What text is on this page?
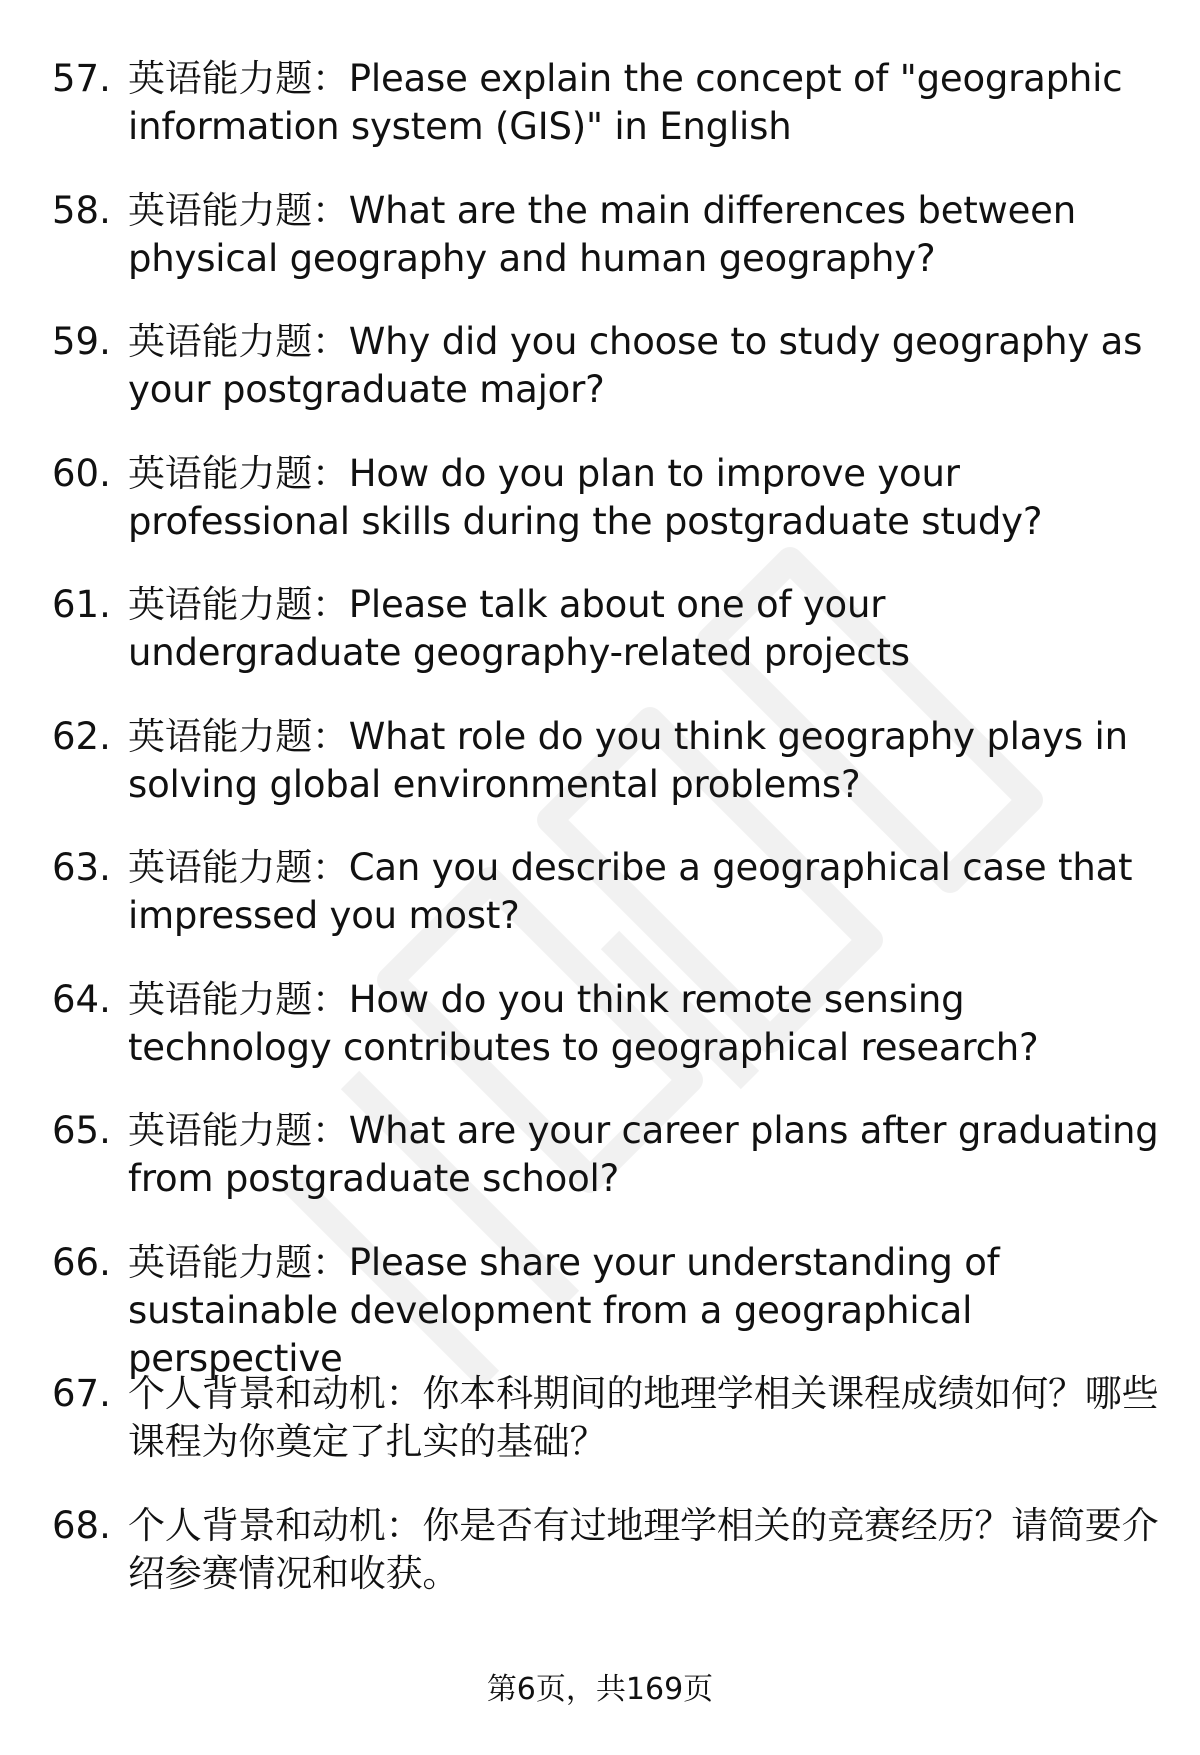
57. 英语能力题：Please explain the concept of "geographic information system (GIS)" in English
58. 英语能力题：What are the main differences between physical geography and human geography?
59. 英语能力题：Why did you choose to study geography as your postgraduate major?
60. 英语能力题：How do you plan to improve your professional skills during the postgraduate study?
61. 英语能力题：Please talk about one of your undergraduate geography-related projects
62. 英语能力题：What role do you think geography plays in solving global environmental problems?
63. 英语能力题：Can you describe a geographical case that impressed you most?
64. 英语能力题：How do you think remote sensing technology contributes to geographical research?
65. 英语能力题：What are your career plans after graduating from postgraduate school?
66. 英语能力题：Please share your understanding of sustainable development from a geographical perspective
67. 个人背景和动机：你本科期间的地理学相关课程成绩如何？哪些课程为你奠定了扎实的基础？
68. 个人背景和动机：你是否有过地理学相关的竞赛经历？请简要介绍参赛情况和收获。
第6页，共169页
